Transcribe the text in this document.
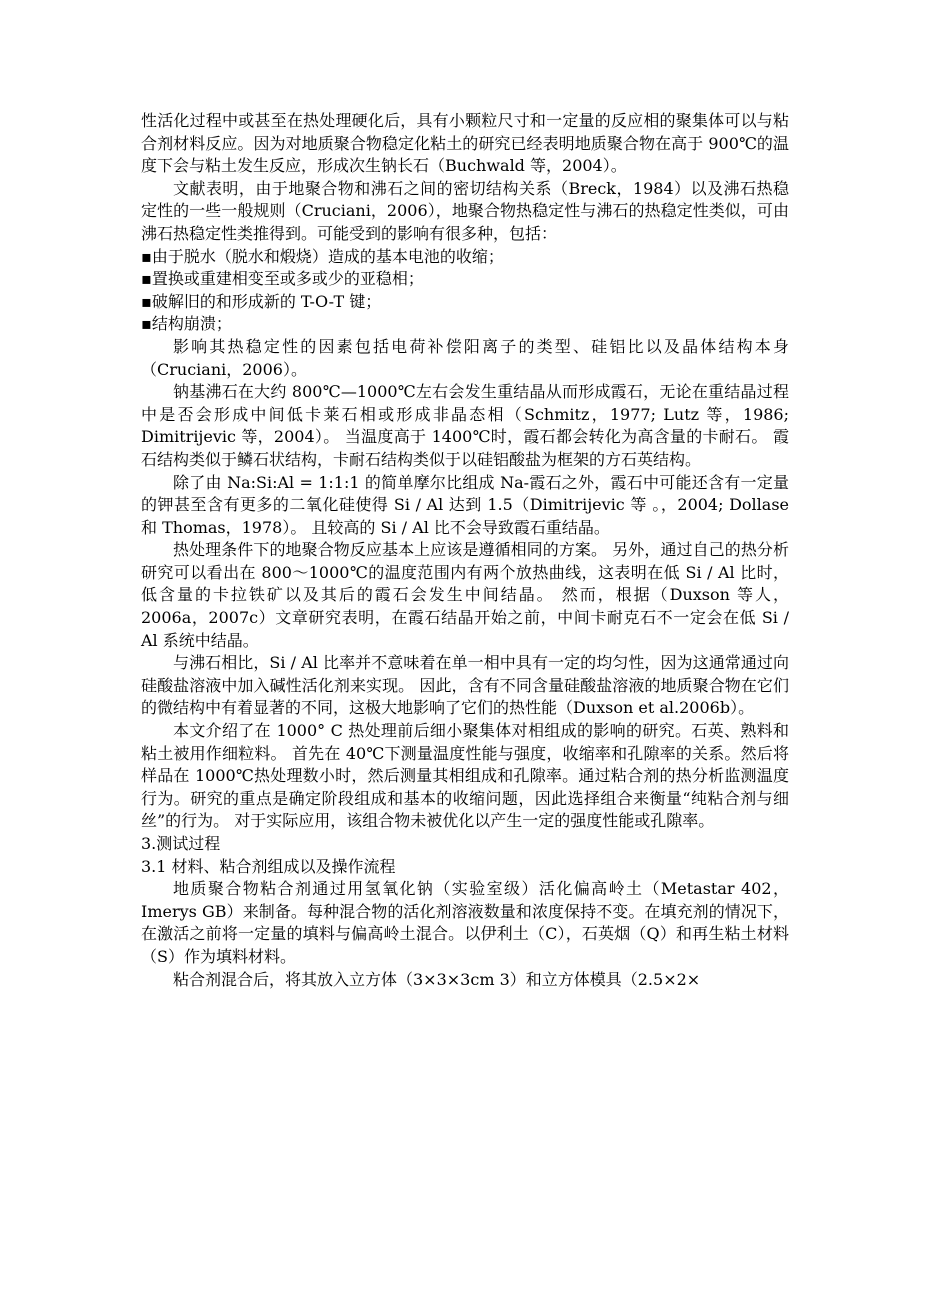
性活化过程中或甚至在热处理硬化后，具有小颗粒尺寸和一定量的反应相的聚集体可以与粘合剂材料反应。因为对地质聚合物稳定化粘土的研究已经表明地质聚合物在高于 900℃的温度下会与粘土发生反应，形成次生钠长石（Buchwald 等，2004）。

文献表明，由于地聚合物和沸石之间的密切结构关系（Breck，1984）以及沸石热稳定性的一些一般规则（Cruciani，2006），地聚合物热稳定性与沸石的热稳定性类似，可由沸石热稳定性类推得到。可能受到的影响有很多种，包括：

▪由于脱水（脱水和煅烧）造成的基本电池的收缩；

▪置换或重建相变至或多或少的亚稳相；

▪破解旧的和形成新的 T-O-T 键；

▪结构崩溃；

影响其热稳定性的因素包括电荷补偿阳离子的类型、硅铝比以及晶体结构本身（Cruciani，2006）。

钠基沸石在大约 800℃—1000℃左右会发生重结晶从而形成霞石，无论在重结晶过程中是否会形成中间低卡莱石相或形成非晶态相（Schmitz，1977; Lutz 等，1986; Dimitrijevic 等，2004）。 当温度高于 1400℃时，霞石都会转化为高含量的卡耐石。 霞石结构类似于鳞石状结构，卡耐石结构类似于以硅铝酸盐为框架的方石英结构。

除了由 Na:Si:Al = 1:1:1 的简单摩尔比组成 Na-霞石之外，霞石中可能还含有一定量的钾甚至含有更多的二氧化硅使得 Si / Al 达到 1.5（Dimitrijevic 等 。，2004; Dollase 和 Thomas，1978）。 且较高的 Si / Al 比不会导致霞石重结晶。

热处理条件下的地聚合物反应基本上应该是遵循相同的方案。 另外，通过自己的热分析研究可以看出在 800～1000℃的温度范围内有两个放热曲线，这表明在低 Si / Al 比时，低含量的卡拉铁矿以及其后的霞石会发生中间结晶。 然而，根据（Duxson 等人，2006a，2007c）文章研究表明，在霞石结晶开始之前，中间卡耐克石不一定会在低 Si / Al 系统中结晶。

与沸石相比，Si / Al 比率并不意味着在单一相中具有一定的均匀性，因为这通常通过向硅酸盐溶液中加入碱性活化剂来实现。 因此，含有不同含量硅酸盐溶液的地质聚合物在它们的微结构中有着显著的不同，这极大地影响了它们的热性能（Duxson et al.2006b）。

本文介绍了在 1000° C 热处理前后细小聚集体对相组成的影响的研究。石英、熟料和粘土被用作细粒料。 首先在 40℃下测量温度性能与强度，收缩率和孔隙率的关系。然后将样品在 1000℃热处理数小时，然后测量其相组成和孔隙率。通过粘合剂的热分析监测温度行为。研究的重点是确定阶段组成和基本的收缩问题，因此选择组合来衡量“纯粘合剂与细丝”的行为。 对于实际应用，该组合物未被优化以产生一定的强度性能或孔隙率。

3.测试过程

3.1 材料、粘合剂组成以及操作流程

地质聚合物粘合剂通过用氢氧化钠（实验室级）活化偏高岭土（Metastar 402，Imerys GB）来制备。每种混合物的活化剂溶液数量和浓度保持不变。在填充剂的情况下，在激活之前将一定量的填料与偏高岭土混合。以伊利土（C），石英烟（Q）和再生粘土材料（S）作为填料材料。

粘合剂混合后，将其放入立方体（3×3×3cm 3）和立方体模具（2.5×2×
